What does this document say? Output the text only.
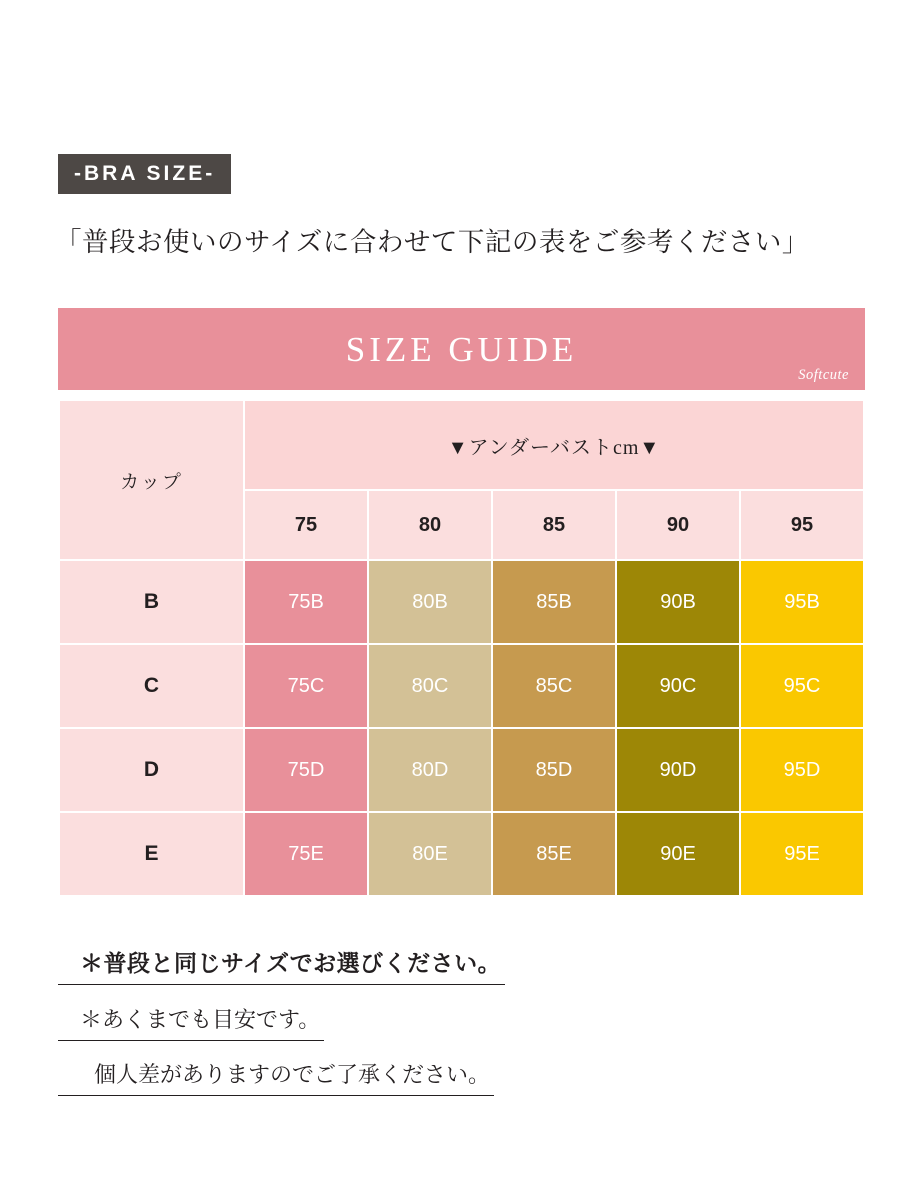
-BRA SIZE-
「普段お使いのサイズに合わせて下記の表をご参考ください」
SIZE GUIDE
Softcute
カップ	▼アンダーバストcm▼				
	75	80	85	90	95
B	75B	80B	85B	90B	95B
C	75C	80C	85C	90C	95C
D	75D	80D	85D	90D	95D
E	75E	80E	85E	90E	95E
＊普段と同じサイズでお選びください。
＊あくまでも目安です。
個人差がありますのでご了承ください。
